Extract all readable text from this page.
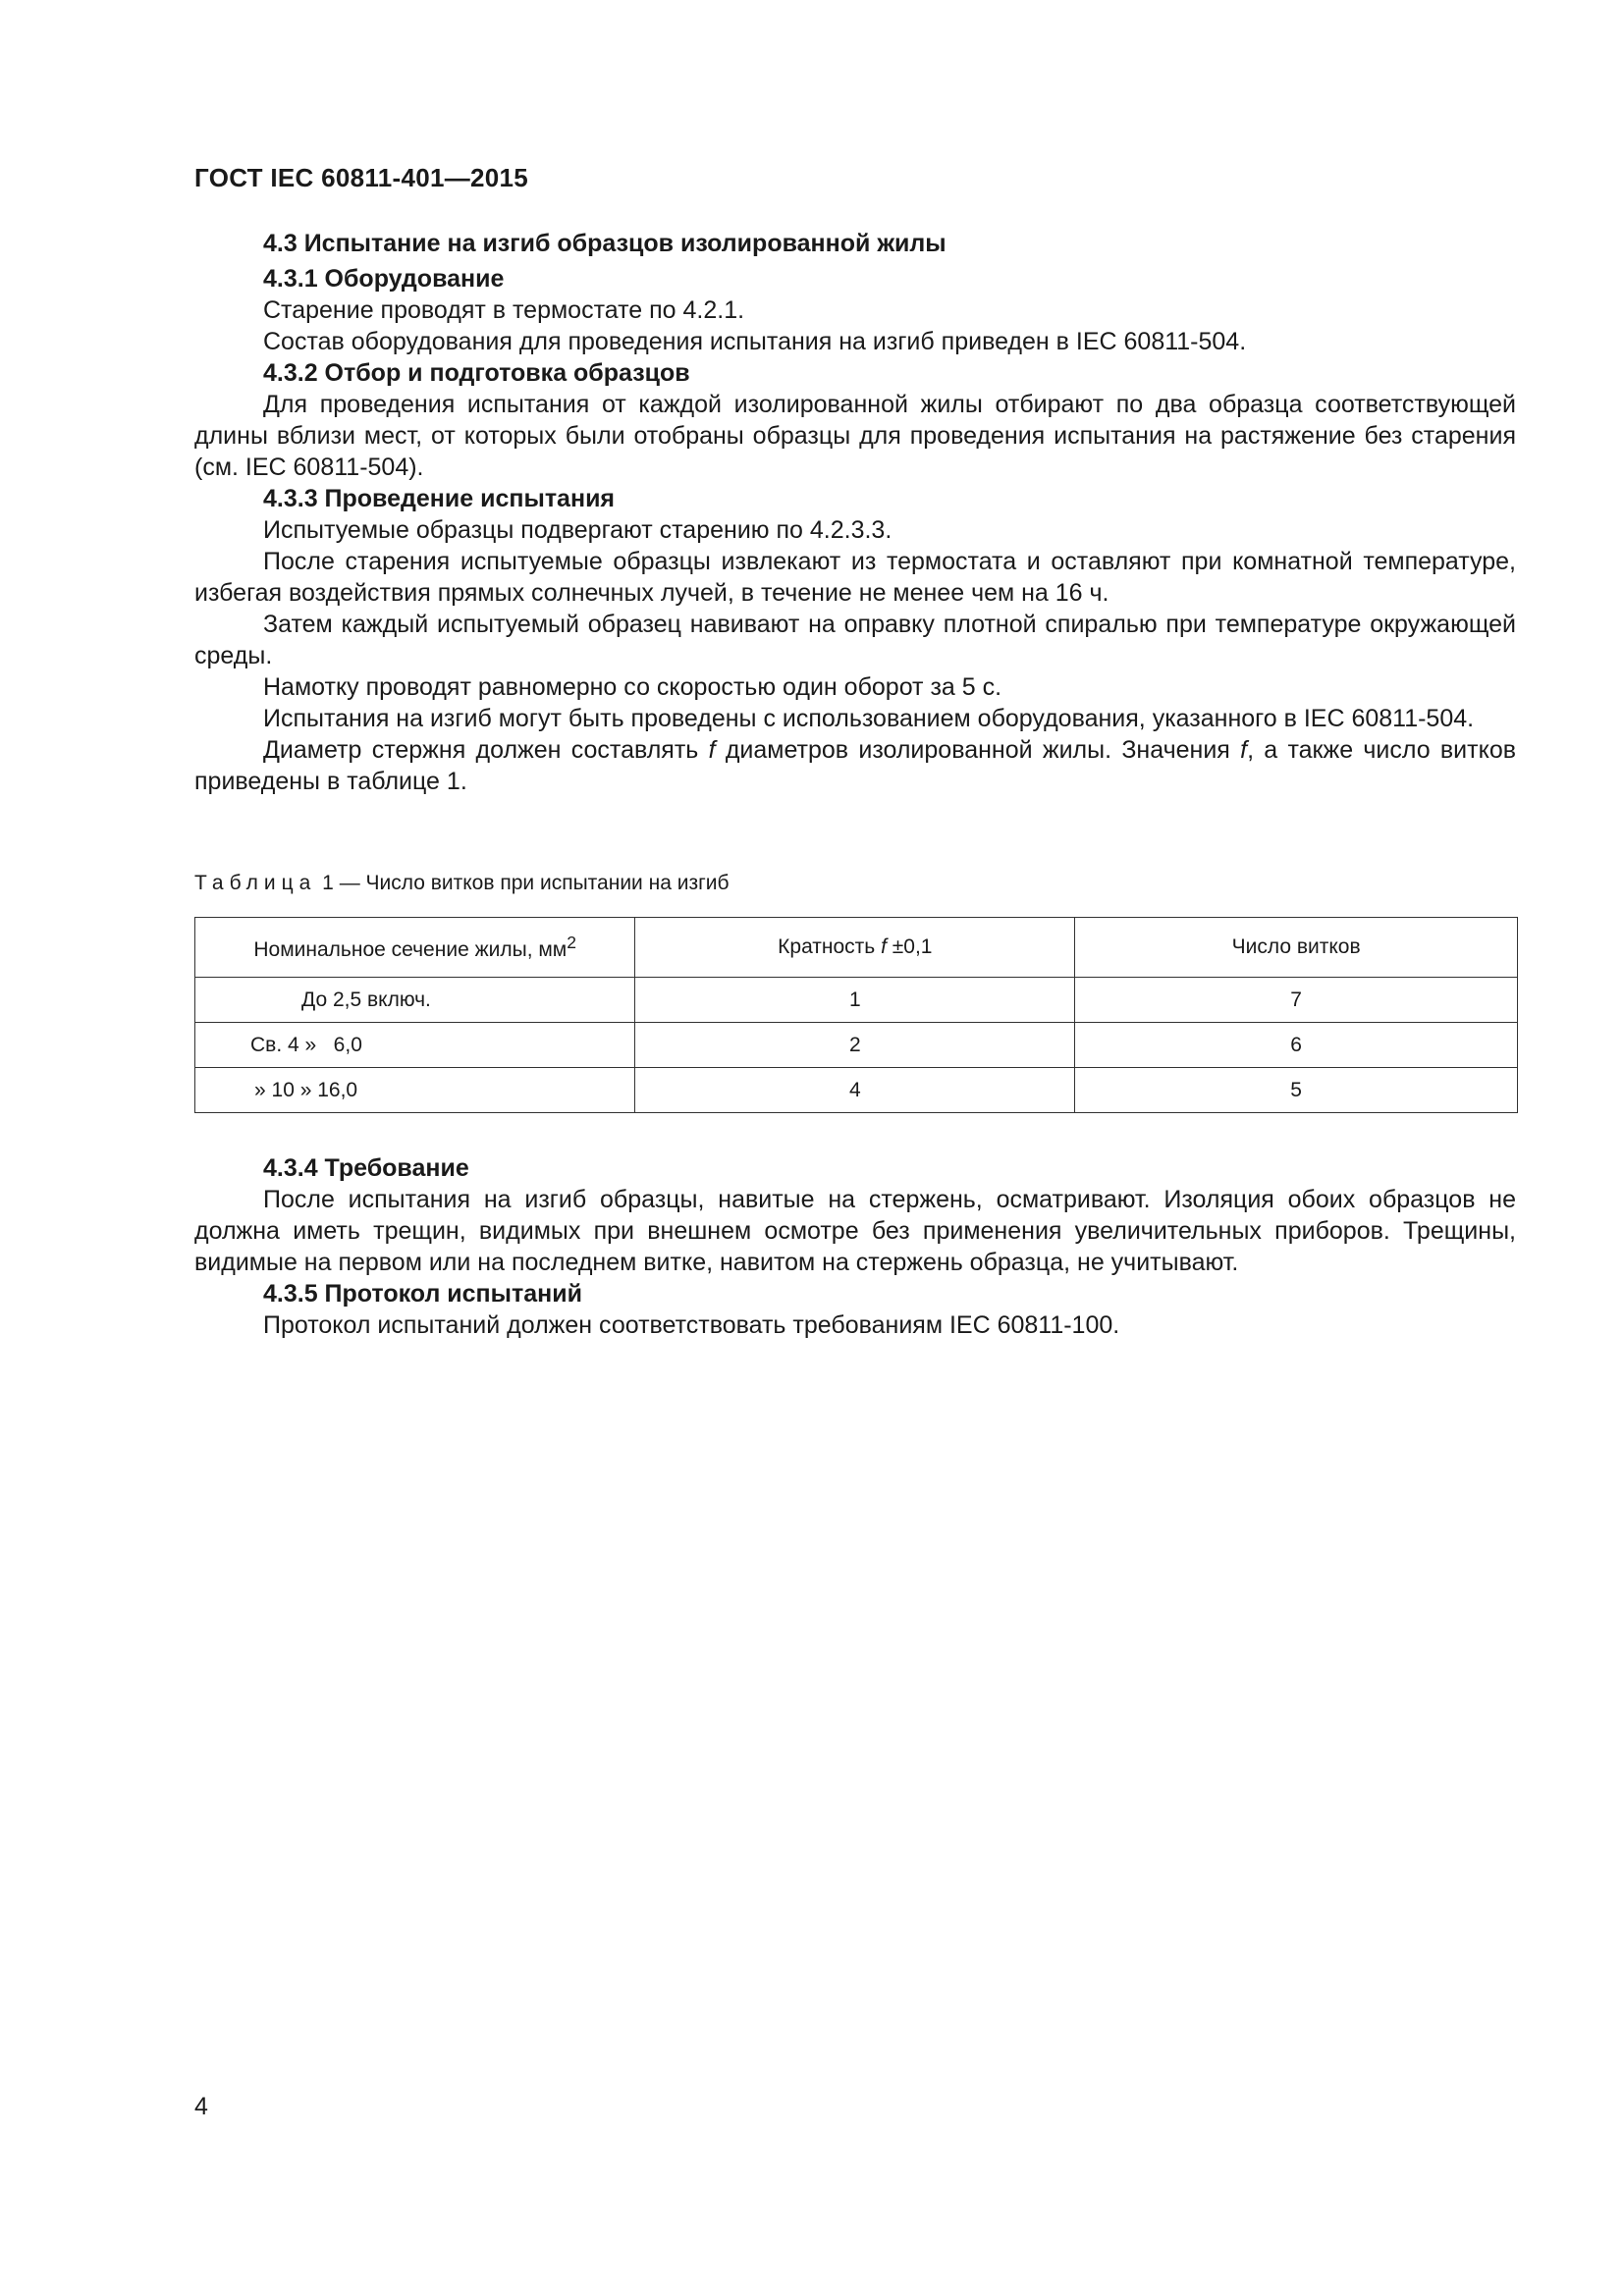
ГОСТ IEC 60811-401—2015

4.3 Испытание на изгиб образцов изолированной жилы

4.3.1 Оборудование

Старение проводят в термостате по 4.2.1.

Состав оборудования для проведения испытания на изгиб приведен в IEC 60811-504.

4.3.2 Отбор и подготовка образцов

Для проведения испытания от каждой изолированной жилы отбирают по два образца соответствующей длины вблизи мест, от которых были отобраны образцы для проведения испытания на растяжение без старения (см. IEC 60811-504).

4.3.3 Проведение испытания

Испытуемые образцы подвергают старению по 4.2.3.3.

После старения испытуемые образцы извлекают из термостата и оставляют при комнатной температуре, избегая воздействия прямых солнечных лучей, в течение не менее чем на 16 ч.

Затем каждый испытуемый образец навивают на оправку плотной спиралью при температуре окружающей среды.

Намотку проводят равномерно со скоростью один оборот за 5 с.

Испытания на изгиб могут быть проведены с использованием оборудования, указанного в IEC 60811-504.

Диаметр стержня должен составлять f диаметров изолированной жилы. Значения f, а также число витков приведены в таблице 1.

Таблица 1 — Число витков при испытании на изгиб
Номинальное сечение жилы, $мм^2$	Кратность f ±0,1	Число витков
До 2,5 включ.	1	7
Св. 4 »   6,0	2	6
» 10 » 16,0	4	5

4.3.4 Требование

После испытания на изгиб образцы, навитые на стержень, осматривают. Изоляция обоих образцов не должна иметь трещин, видимых при внешнем осмотре без применения увеличительных приборов. Трещины, видимые на первом или на последнем витке, навитом на стержень образца, не учитывают.

4.3.5 Протокол испытаний

Протокол испытаний должен соответствовать требованиям IEC 60811-100.

4
